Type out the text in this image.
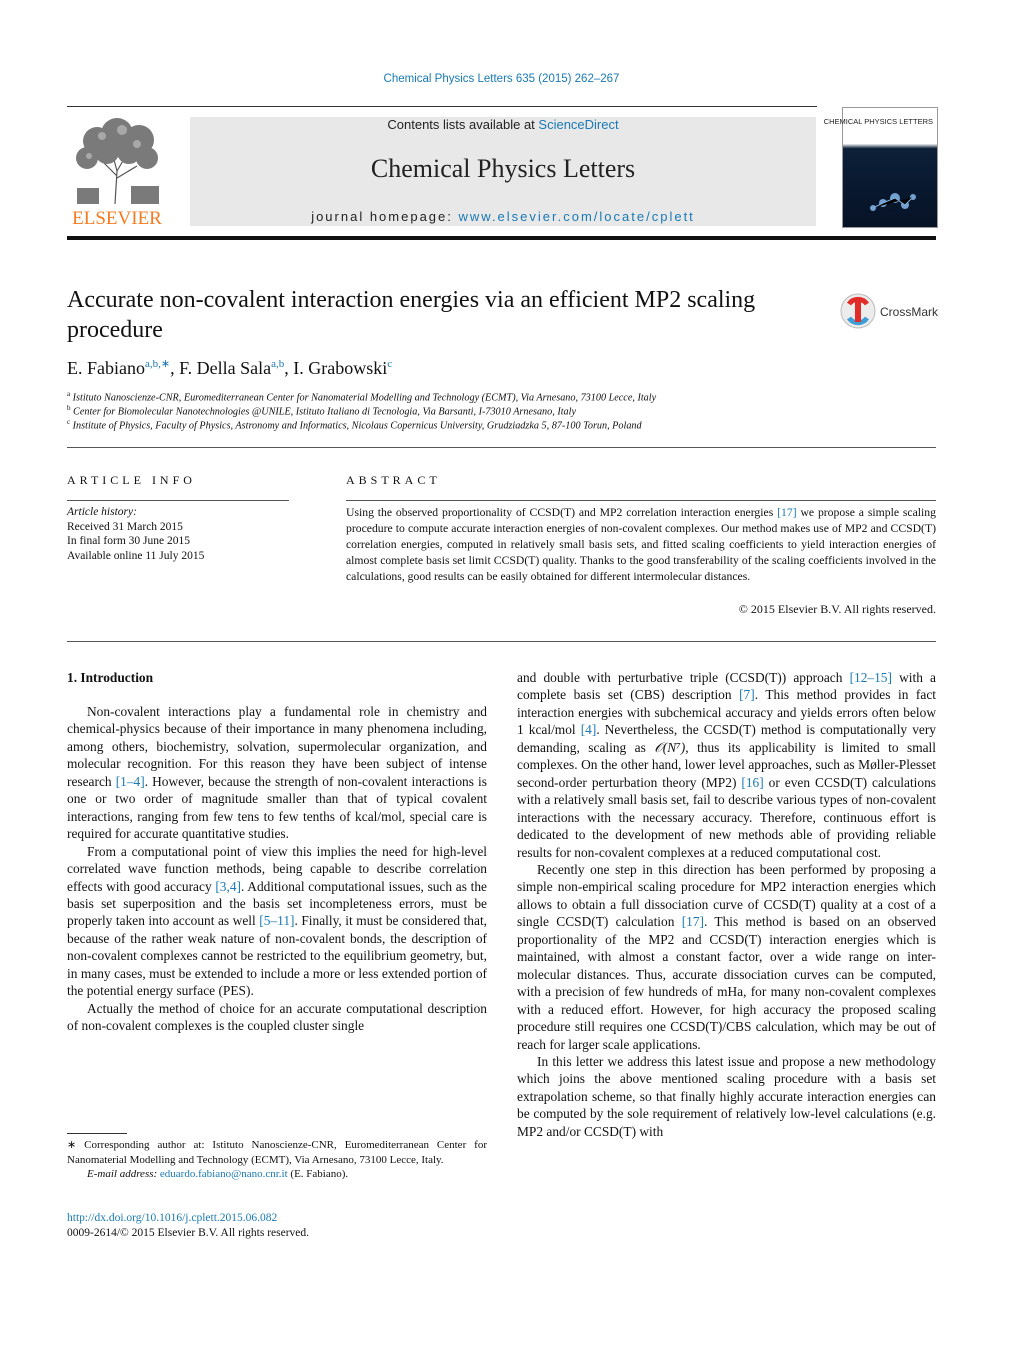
Chemical Physics Letters 635 (2015) 262–267
ELSEVIER
Contents lists available at ScienceDirect
Chemical Physics Letters
journal homepage: www.elsevier.com/locate/cplett
CHEMICAL PHYSICS LETTERS
Accurate non-covalent interaction energies via an efficient MP2 scaling procedure
CrossMark
E. Fabiano$^{a,b,∗}$, F. Della Sala$^{a,b}$, I. Grabowski$^c$
$^a$ Istituto Nanoscienze-CNR, Euromediterranean Center for Nanomaterial Modelling and Technology (ECMT), Via Arnesano, 73100 Lecce, Italy
$^b$ Center for Biomolecular Nanotechnologies @UNILE, Istituto Italiano di Tecnologia, Via Barsanti, I-73010 Arnesano, Italy
$^c$ Institute of Physics, Faculty of Physics, Astronomy and Informatics, Nicolaus Copernicus University, Grudziadzka 5, 87-100 Torun, Poland
ARTICLE INFO	ABSTRACT
Article history:
Received 31 March 2015
In final form 30 June 2015
Available online 11 July 2015
Using the observed proportionality of CCSD(T) and MP2 correlation interaction energies [17] we propose a simple scaling procedure to compute accurate interaction energies of non-covalent complexes. Our method makes use of MP2 and CCSD(T) correlation energies, computed in relatively small basis sets, and fitted scaling coefficients to yield interaction energies of almost complete basis set limit CCSD(T) quality. Thanks to the good transferability of the scaling coefficients involved in the calculations, good results can be easily obtained for different intermolecular distances.
© 2015 Elsevier B.V. All rights reserved.
1. Introduction

Non-covalent interactions play a fundamental role in chemistry and chemical-physics because of their importance in many phenomena including, among others, biochemistry, solvation, supermolecular organization, and molecular recognition. For this reason they have been subject of intense research [1–4]. However, because the strength of non-covalent interactions is one or two order of magnitude smaller than that of typical covalent interactions, ranging from few tens to few tenths of kcal/mol, special care is required for accurate quantitative studies.

From a computational point of view this implies the need for high-level correlated wave function methods, being capable to describe correlation effects with good accuracy [3,4]. Additional computational issues, such as the basis set superposition and the basis set incompleteness errors, must be properly taken into account as well [5–11]. Finally, it must be considered that, because of the rather weak nature of non-covalent bonds, the description of non-covalent complexes cannot be restricted to the equilibrium geometry, but, in many cases, must be extended to include a more or less extended portion of the potential energy surface (PES).

Actually the method of choice for an accurate computational description of non-covalent complexes is the coupled cluster single

and double with perturbative triple (CCSD(T)) approach [12–15] with a complete basis set (CBS) description [7]. This method provides in fact interaction energies with subchemical accuracy and yields errors often below 1 kcal/mol [4]. Nevertheless, the CCSD(T) method is computationally very demanding, scaling as 𝒪(N⁷), thus its applicability is limited to small complexes. On the other hand, lower level approaches, such as Møller-Plesset second-order perturbation theory (MP2) [16] or even CCSD(T) calculations with a relatively small basis set, fail to describe various types of non-covalent interactions with the necessary accuracy. Therefore, continuous effort is dedicated to the development of new methods able of providing reliable results for non-covalent complexes at a reduced computational cost.

Recently one step in this direction has been performed by proposing a simple non-empirical scaling procedure for MP2 interaction energies which allows to obtain a full dissociation curve of CCSD(T) quality at a cost of a single CCSD(T) calculation [17]. This method is based on an observed proportionality of the MP2 and CCSD(T) interaction energies which is maintained, with almost a constant factor, over a wide range on inter-molecular distances. Thus, accurate dissociation curves can be computed, with a precision of few hundreds of mHa, for many non-covalent complexes with a reduced effort. However, for high accuracy the proposed scaling procedure still requires one CCSD(T)/CBS calculation, which may be out of reach for larger scale applications.

In this letter we address this latest issue and propose a new methodology which joins the above mentioned scaling procedure with a basis set extrapolation scheme, so that finally highly accurate interaction energies can be computed by the sole requirement of relatively low-level calculations (e.g. MP2 and/or CCSD(T) with

∗ Corresponding author at: Istituto Nanoscienze-CNR, Euromediterranean Center for Nanomaterial Modelling and Technology (ECMT), Via Arnesano, 73100 Lecce, Italy.
E-mail address: eduardo.fabiano@nano.cnr.it (E. Fabiano).
http://dx.doi.org/10.1016/j.cplett.2015.06.082
0009-2614/© 2015 Elsevier B.V. All rights reserved.
